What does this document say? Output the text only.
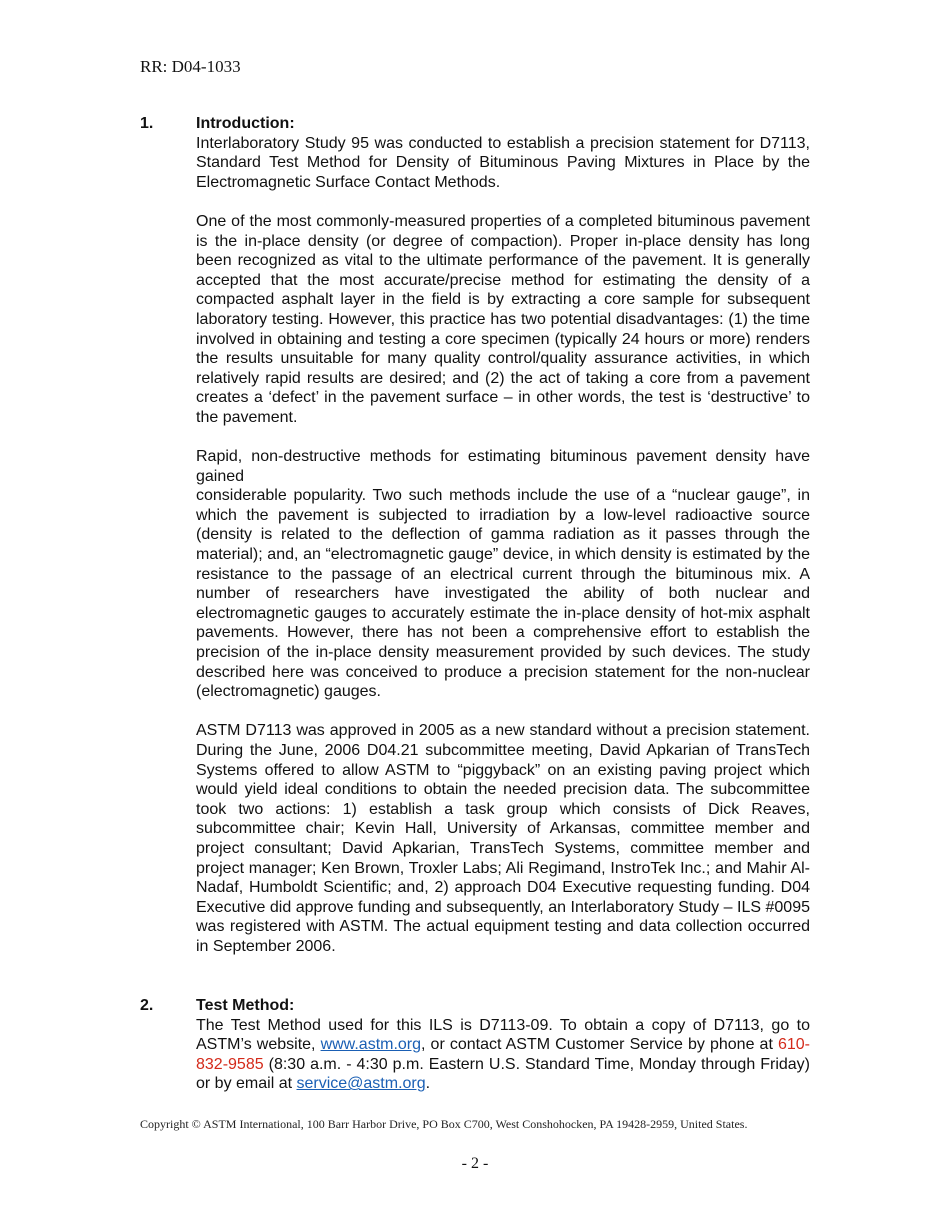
RR: D04-1033
1.	Introduction:

Interlaboratory Study 95 was conducted to establish a precision statement for D7113, Standard Test Method for Density of Bituminous Paving Mixtures in Place by the Electromagnetic Surface Contact Methods.

One of the most commonly-measured properties of a completed bituminous pavement is the in-place density (or degree of compaction). Proper in-place density has long been recognized as vital to the ultimate performance of the pavement. It is generally accepted that the most accurate/precise method for estimating the density of a compacted asphalt layer in the field is by extracting a core sample for subsequent laboratory testing. However, this practice has two potential disadvantages: (1) the time involved in obtaining and testing a core specimen (typically 24 hours or more) renders the results unsuitable for many quality control/quality assurance activities, in which relatively rapid results are desired; and (2) the act of taking a core from a pavement creates a ‘defect’ in the pavement surface – in other words, the test is ‘destructive’ to the pavement.

Rapid, non-destructive methods for estimating bituminous pavement density have gained

considerable popularity. Two such methods include the use of a “nuclear gauge”, in which the pavement is subjected to irradiation by a low-level radioactive source (density is related to the deflection of gamma radiation as it passes through the material); and, an “electromagnetic gauge” device, in which density is estimated by the resistance to the passage of an electrical current through the bituminous mix. A number of researchers have investigated the ability of both nuclear and electromagnetic gauges to accurately estimate the in-place density of hot-mix asphalt pavements. However, there has not been a comprehensive effort to establish the precision of the in-place density measurement provided by such devices. The study described here was conceived to produce a precision statement for the non-nuclear (electromagnetic) gauges.

ASTM D7113 was approved in 2005 as a new standard without a precision statement. During the June, 2006 D04.21 subcommittee meeting, David Apkarian of TransTech Systems offered to allow ASTM to “piggyback” on an existing paving project which would yield ideal conditions to obtain the needed precision data. The subcommittee took two actions: 1) establish a task group which consists of Dick Reaves, subcommittee chair; Kevin Hall, University of Arkansas, committee member and project consultant; David Apkarian, TransTech Systems, committee member and project manager; Ken Brown, Troxler Labs; Ali Regimand, InstroTek Inc.; and Mahir Al-Nadaf, Humboldt Scientific; and, 2) approach D04 Executive requesting funding. D04 Executive did approve funding and subsequently, an Interlaboratory Study – ILS #0095 was registered with ASTM. The actual equipment testing and data collection occurred in September 2006.

2.	Test Method:

The Test Method used for this ILS is D7113-09. To obtain a copy of D7113, go to ASTM’s website, www.astm.org, or contact ASTM Customer Service by phone at 610-832-9585 (8:30 a.m. - 4:30 p.m. Eastern U.S. Standard Time, Monday through Friday) or by email at service@astm.org.

Copyright © ASTM International, 100 Barr Harbor Drive, PO Box C700, West Conshohocken, PA 19428-2959, United States.
- 2 -
